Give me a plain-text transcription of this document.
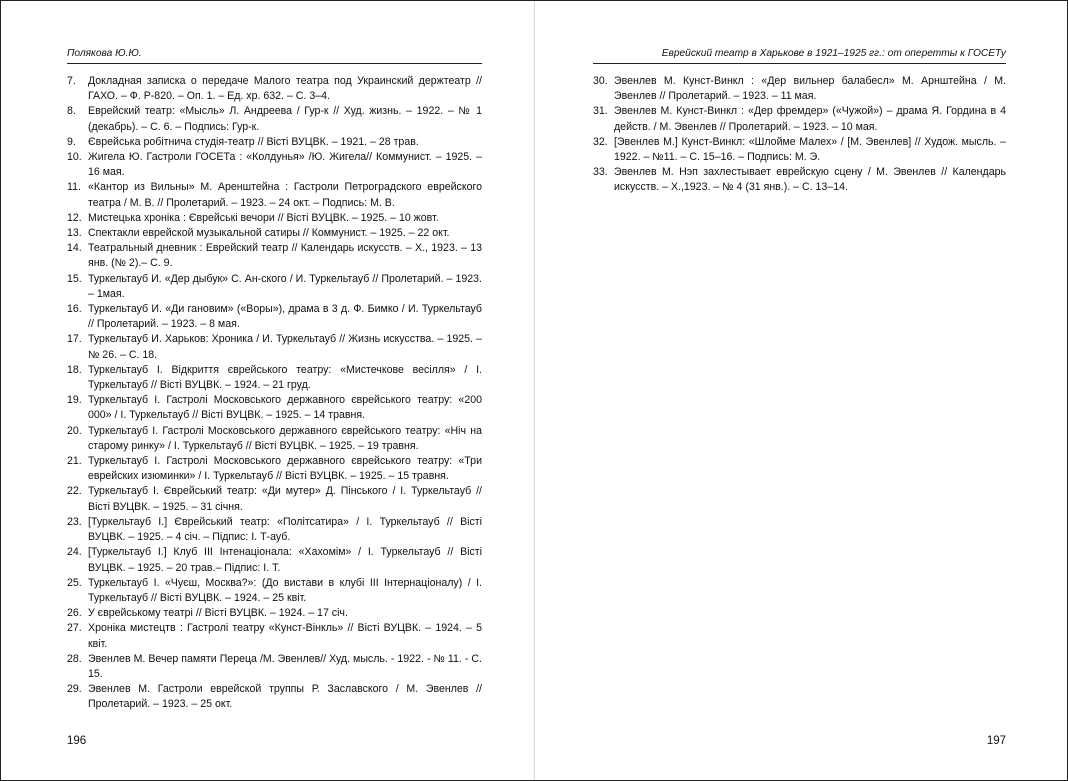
Полякова Ю.Ю.
7. Докладная записка о передаче Малого театра под Украинский держтеатр // ГАХО. – Ф. Р-820. – Оп. 1. – Ед. хр. 632. – С. 3–4.
8. Еврейский театр: «Мысль» Л. Андреева / Гур-к // Худ. жизнь. – 1922. – № 1 (декабрь). – С. 6. – Подпись: Гур-к.
9. Єврейська робітнича студія-театр // Вісті ВУЦВК. – 1921. – 28 трав.
10. Жигела Ю. Гастроли ГОСЕТа : «Колдунья» /Ю. Жигела// Коммунист. – 1925. – 16 мая.
11. «Кантор из Вильны» М. Аренштейна : Гастроли Петроградского еврейского театра / М. В. // Пролетарий. – 1923. – 24 окт. – Подпись: М. В.
12. Мистецька хроніка : Єврейські вечори // Вісті ВУЦВК. – 1925. – 10 жовт.
13. Спектакли еврейской музыкальной сатиры // Коммунист. – 1925. – 22 окт.
14. Театральный дневник : Еврейский театр // Календарь искусств. – Х., 1923. – 13 янв. (№ 2).– С. 9.
15. Туркельтауб И. «Дер дыбук» С. Ан-ского / И. Туркельтауб // Пролетарий. – 1923. – 1мая.
16. Туркельтауб И. «Ди гановим» («Воры»), драма в 3 д. Ф. Бимко / И. Туркельтауб // Пролетарий. – 1923. – 8 мая.
17. Туркельтауб И. Харьков: Хроника / И. Туркельтауб // Жизнь искусства. – 1925. – № 26. – С. 18.
18. Туркельтауб І. Відкриття єврейського театру: «Мистечкове весілля» / І. Туркельтауб // Вісті ВУЦВК. – 1924. – 21 груд.
19. Туркельтауб І. Гастролі Московського державного єврейського театру: «200 000» / І. Туркельтауб // Вісті ВУЦВК. – 1925. – 14 травня.
20. Туркельтауб І. Гастролі Московського державного єврейського театру: «Ніч на старому ринку» / І. Туркельтауб // Вісті ВУЦВК. – 1925. – 19 травня.
21. Туркельтауб І. Гастролі Московського державного єврейського театру: «Три еврейских изюминки» / І. Туркельтауб // Вісті ВУЦВК. – 1925. – 15 травня.
22. Туркельтауб І. Єврейський театр: «Ди мутер» Д. Пінського / І. Туркельтауб // Вісті ВУЦВК. – 1925. – 31 січня.
23. [Туркельтауб І.] Єврейський театр: «Політсатира» / І. Туркельтауб // Вісті ВУЦВК. – 1925. – 4 січ. – Підпис: І. Т-ауб.
24. [Туркельтауб І.] Клуб ІІІ Інтенаціонала: «Хахомім» / І. Туркельтауб // Вісті ВУЦВК. – 1925. – 20 трав.– Підпис: І. Т.
25. Туркельтауб І. «Чуєш, Москва?»: (До вистави в клубі ІІІ Інтернаціоналу) / І. Туркельтауб // Вісті ВУЦВК. – 1924. – 25 квіт.
26. У єврейському театрі // Вісті ВУЦВК. – 1924. – 17 січ.
27. Хроніка мистецтв : Гастролі театру «Кунст-Вінкль» // Вісті ВУЦВК. – 1924. – 5 квіт.
28. Эвенлев М. Вечер памяти Переца /М. Эвенлев// Худ. мысль. - 1922. - № 11. - С. 15.
29. Эвенлев М. Гастроли еврейской труппы Р. Заславского / М. Эвенлев // Пролетарий. – 1923. – 25 окт.
196
Еврейский театр в Харькове в 1921–1925 гг.: от оперетты к ГОСЕТу
30. Эвенлев М. Кунст-Винкл : «Дер вильнер балабесл» М. Арнштейна / М. Эвенлев // Пролетарий. – 1923. – 11 мая.
31. Эвенлев М. Кунст-Винкл : «Дер фремдер» («Чужой») – драма Я. Гордина в 4 действ. / М. Эвенлев // Пролетарий. – 1923. – 10 мая.
32. [Эвенлев М.] Кунст-Винкл: «Шлойме Малех» / [М. Эвенлев] // Худож. мысль. – 1922. – №11. – С. 15–16. – Подпись: М. Э.
33. Эвенлев М. Нэп захлестывает еврейскую сцену / М. Эвенлев // Календарь искусств. – Х.,1923. – № 4 (31 янв.). – С. 13–14.
197
